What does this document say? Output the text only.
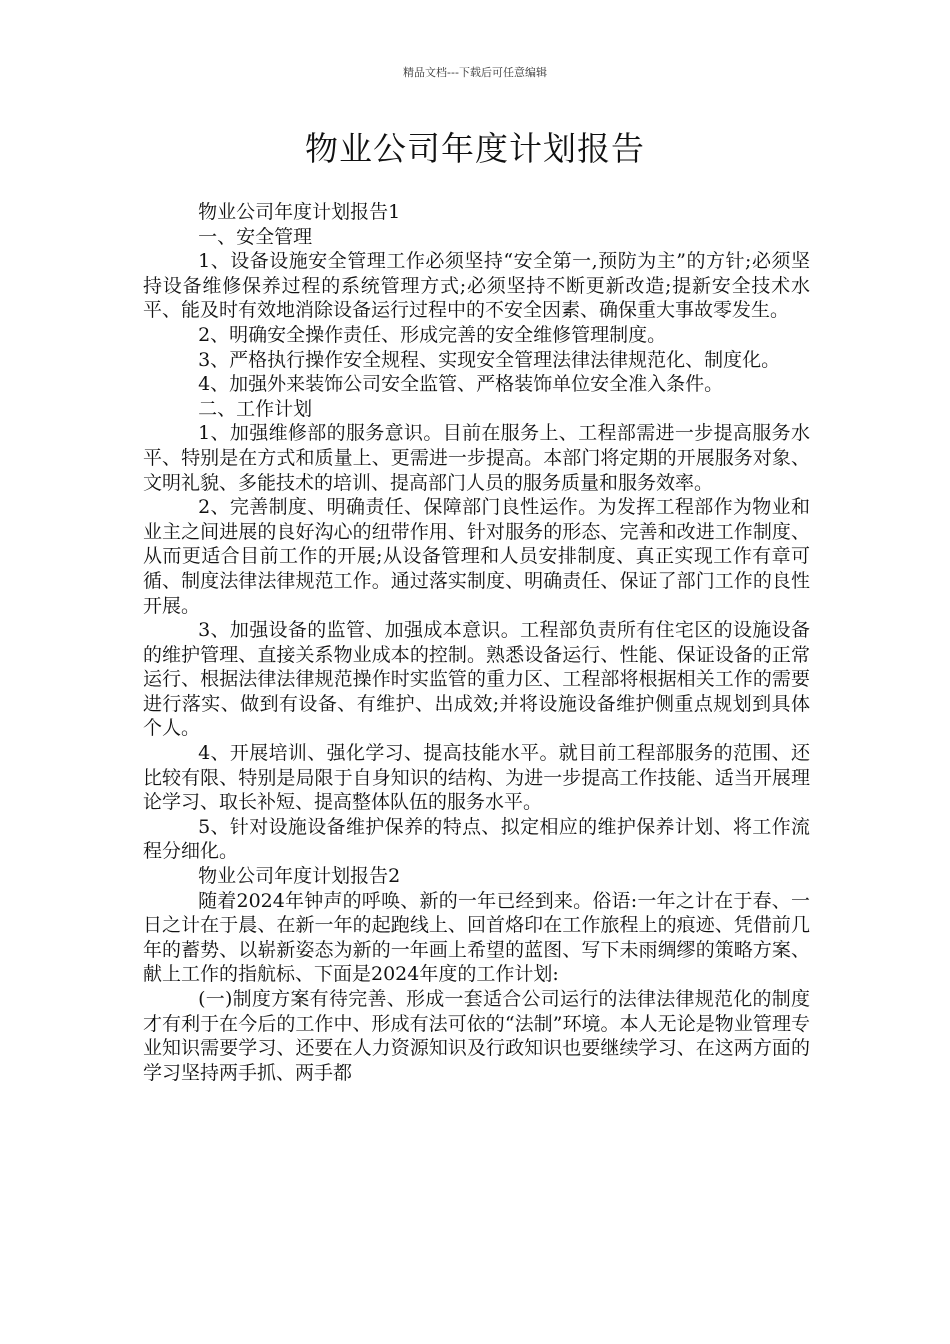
精品文档---下载后可任意编辑
物业公司年度计划报告

物业公司年度计划报告1

一、安全管理

1、设备设施安全管理工作必须坚持“安全第一,预防为主”的方针;必须坚持设备维修保养过程的系统管理方式;必须坚持不断更新改造;提新安全技术水平、能及时有效地消除设备运行过程中的不安全因素、确保重大事故零发生。

2、明确安全操作责任、形成完善的安全维修管理制度。

3、严格执行操作安全规程、实现安全管理法律法律规范化、制度化。

4、加强外来装饰公司安全监管、严格装饰单位安全准入条件。

二、工作计划

1、加强维修部的服务意识。目前在服务上、工程部需进一步提高服务水平、特别是在方式和质量上、更需进一步提高。本部门将定期的开展服务对象、文明礼貌、多能技术的培训、提高部门人员的服务质量和服务效率。

2、完善制度、明确责任、保障部门良性运作。为发挥工程部作为物业和业主之间进展的良好沟心的纽带作用、针对服务的形态、完善和改进工作制度、从而更适合目前工作的开展;从设备管理和人员安排制度、真正实现工作有章可循、制度法律法律规范工作。通过落实制度、明确责任、保证了部门工作的良性开展。

3、加强设备的监管、加强成本意识。工程部负责所有住宅区的设施设备的维护管理、直接关系物业成本的控制。熟悉设备运行、性能、保证设备的正常运行、根据法律法律规范操作时实监管的重力区、工程部将根据相关工作的需要进行落实、做到有设备、有维护、出成效;并将设施设备维护侧重点规划到具体个人。

4、开展培训、强化学习、提高技能水平。就目前工程部服务的范围、还比较有限、特别是局限于自身知识的结构、为进一步提高工作技能、适当开展理论学习、取长补短、提高整体队伍的服务水平。

5、针对设施设备维护保养的特点、拟定相应的维护保养计划、将工作流程分细化。

物业公司年度计划报告2

随着2024年钟声的呼唤、新的一年已经到来。俗语:一年之计在于春、一日之计在于晨、在新一年的起跑线上、回首烙印在工作旅程上的痕迹、凭借前几年的蓄势、以崭新姿态为新的一年画上希望的蓝图、写下未雨绸缪的策略方案、献上工作的指航标、下面是2024年度的工作计划:

(一)制度方案有待完善、形成一套适合公司运行的法律法律规范化的制度才有利于在今后的工作中、形成有法可依的“法制”环境。本人无论是物业管理专业知识需要学习、还要在人力资源知识及行政知识也要继续学习、在这两方面的学习坚持两手抓、两手都
